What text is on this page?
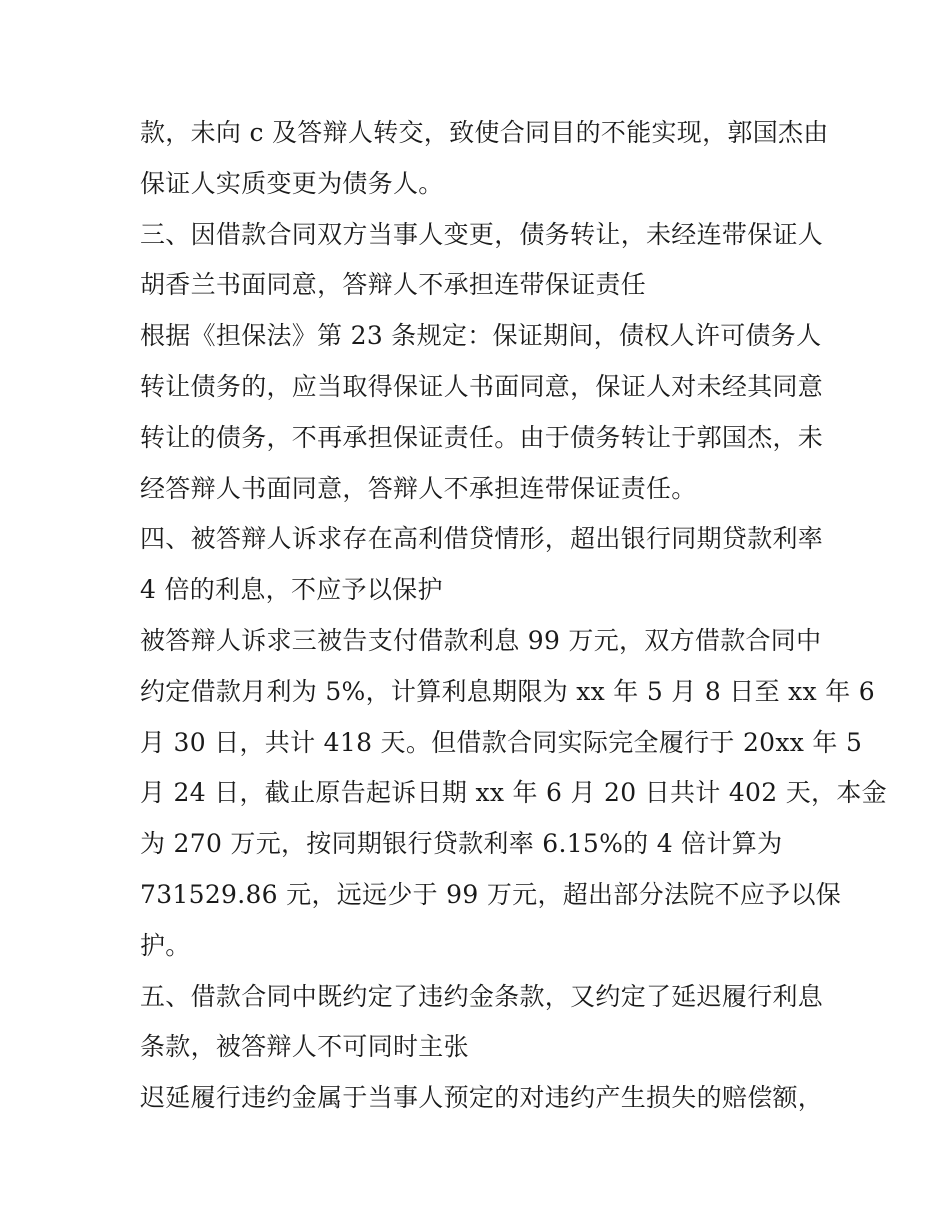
款，未向 c 及答辩人转交，致使合同目的不能实现，郭国杰由
保证人实质变更为债务人。
三、因借款合同双方当事人变更，债务转让，未经连带保证人
胡香兰书面同意，答辩人不承担连带保证责任
根据《担保法》第 23 条规定：保证期间，债权人许可债务人
转让债务的，应当取得保证人书面同意，保证人对未经其同意
转让的债务，不再承担保证责任。由于债务转让于郭国杰，未
经答辩人书面同意，答辩人不承担连带保证责任。
四、被答辩人诉求存在高利借贷情形，超出银行同期贷款利率
4 倍的利息，不应予以保护
被答辩人诉求三被告支付借款利息 99 万元，双方借款合同中
约定借款月利为 5%，计算利息期限为 xx 年 5 月 8 日至 xx 年 6
月 30 日，共计 418 天。但借款合同实际完全履行于 20xx 年 5
月 24 日，截止原告起诉日期 xx 年 6 月 20 日共计 402 天，本金
为 270 万元，按同期银行贷款利率 6.15%的 4 倍计算为
731529.86 元，远远少于 99 万元，超出部分法院不应予以保
护。
五、借款合同中既约定了违约金条款，又约定了延迟履行利息
条款，被答辩人不可同时主张
迟延履行违约金属于当事人预定的对违约产生损失的赔偿额，
